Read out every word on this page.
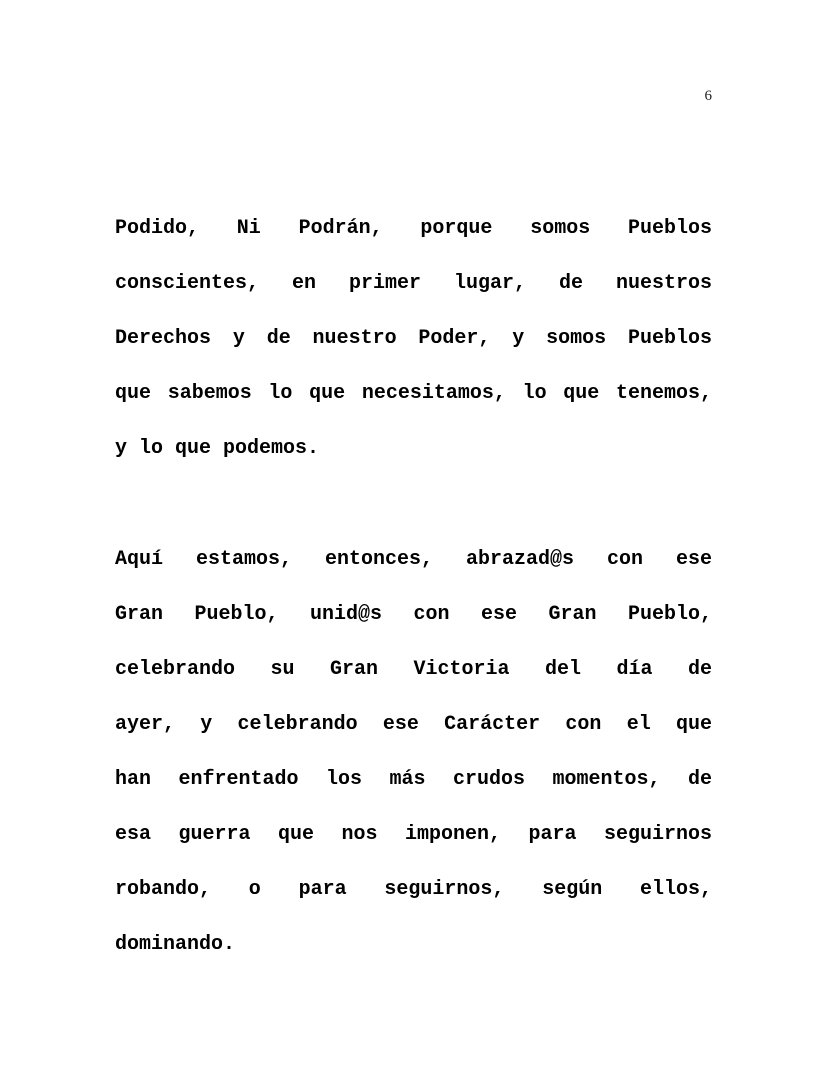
6
Podido, Ni Podrán, porque somos Pueblos
conscientes, en primer lugar, de nuestros
Derechos y de nuestro Poder, y somos Pueblos
que sabemos lo que necesitamos, lo que tenemos,
y lo que podemos.
Aquí estamos, entonces, abrazad@s con ese
Gran Pueblo, unid@s con ese Gran Pueblo,
celebrando su Gran Victoria del día de
ayer, y celebrando ese Carácter con el que
han enfrentado los más crudos momentos, de
esa guerra que nos imponen, para seguirnos
robando, o para seguirnos, según ellos,
dominando.
